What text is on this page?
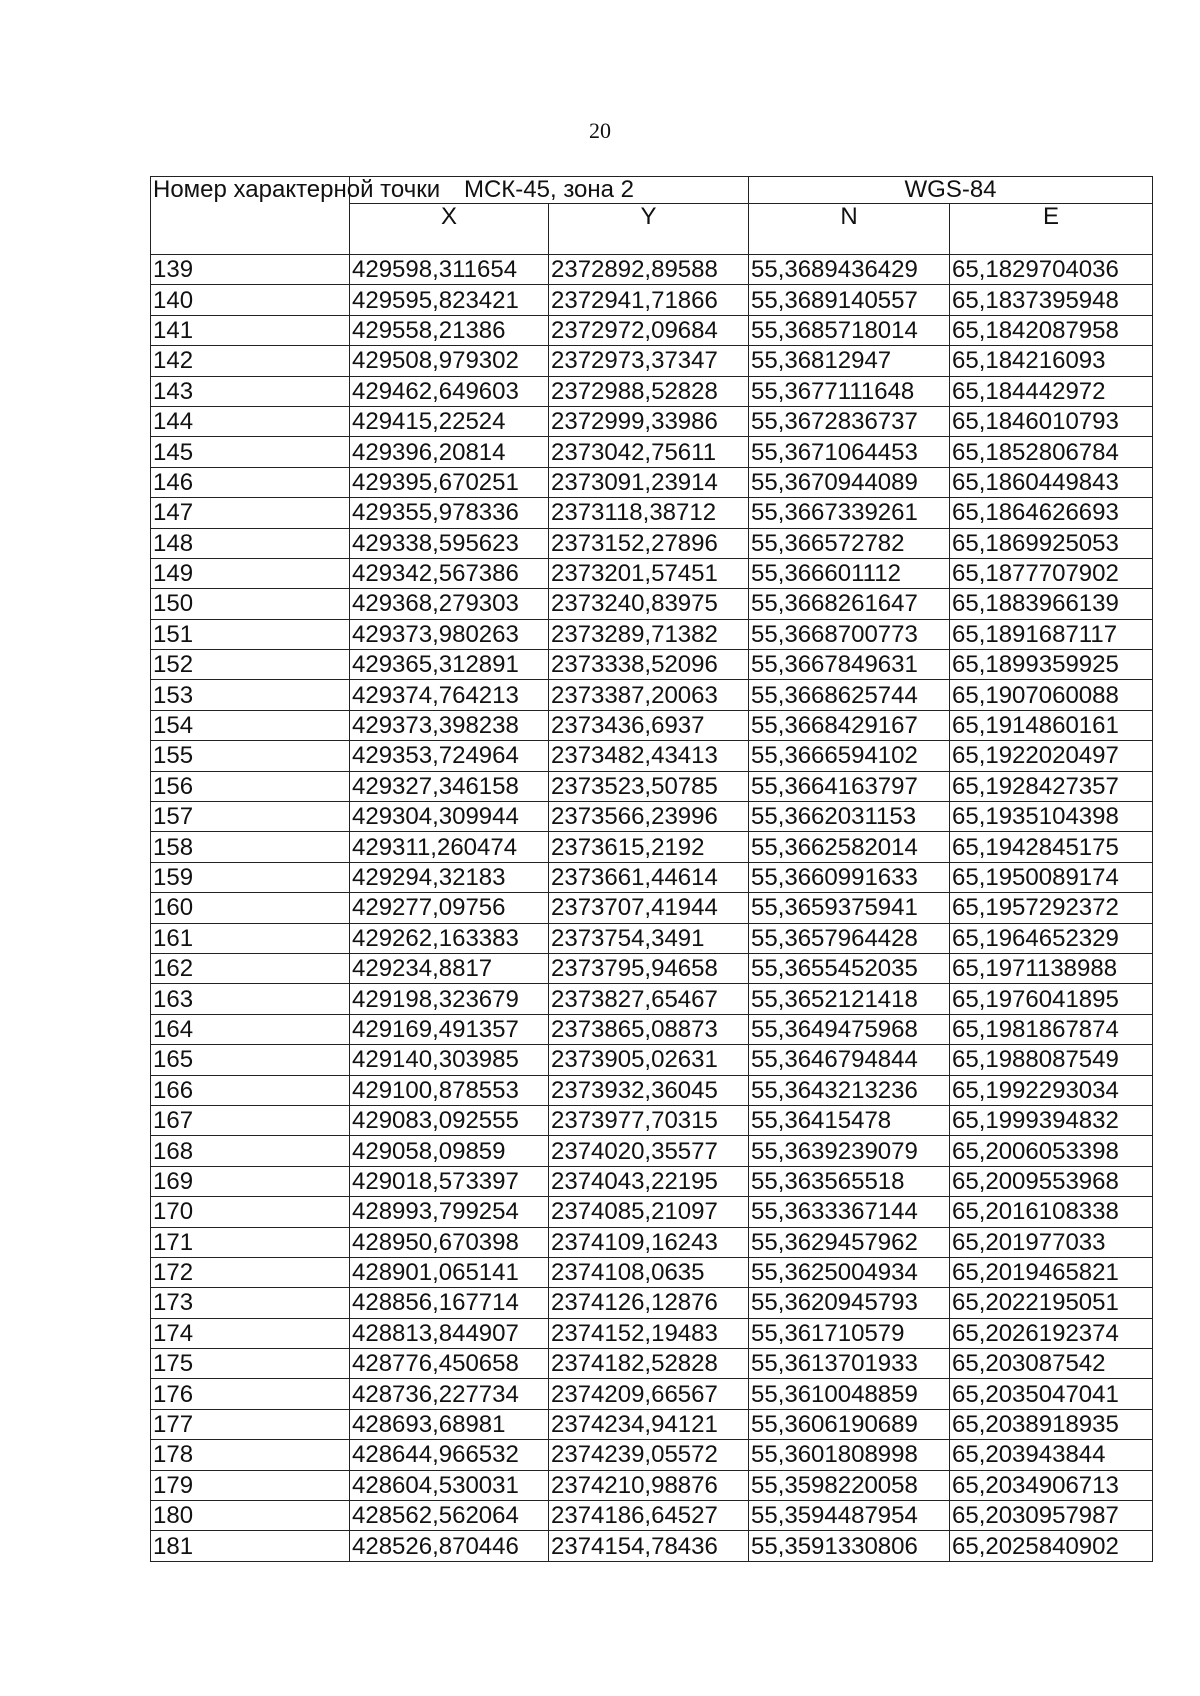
20
Номер характерной точки	МСК-45, зона 2		WGS-84	
	X	Y	N	E
139	429598,311654	2372892,89588	55,3689436429	65,1829704036
140	429595,823421	2372941,71866	55,3689140557	65,1837395948
141	429558,21386	2372972,09684	55,3685718014	65,1842087958
142	429508,979302	2372973,37347	55,36812947	65,184216093
143	429462,649603	2372988,52828	55,3677111648	65,184442972
144	429415,22524	2372999,33986	55,3672836737	65,1846010793
145	429396,20814	2373042,75611	55,3671064453	65,1852806784
146	429395,670251	2373091,23914	55,3670944089	65,1860449843
147	429355,978336	2373118,38712	55,3667339261	65,1864626693
148	429338,595623	2373152,27896	55,366572782	65,1869925053
149	429342,567386	2373201,57451	55,366601112	65,1877707902
150	429368,279303	2373240,83975	55,3668261647	65,1883966139
151	429373,980263	2373289,71382	55,3668700773	65,1891687117
152	429365,312891	2373338,52096	55,3667849631	65,1899359925
153	429374,764213	2373387,20063	55,3668625744	65,1907060088
154	429373,398238	2373436,6937	55,3668429167	65,1914860161
155	429353,724964	2373482,43413	55,3666594102	65,1922020497
156	429327,346158	2373523,50785	55,3664163797	65,1928427357
157	429304,309944	2373566,23996	55,3662031153	65,1935104398
158	429311,260474	2373615,2192	55,3662582014	65,1942845175
159	429294,32183	2373661,44614	55,3660991633	65,1950089174
160	429277,09756	2373707,41944	55,3659375941	65,1957292372
161	429262,163383	2373754,3491	55,3657964428	65,1964652329
162	429234,8817	2373795,94658	55,3655452035	65,1971138988
163	429198,323679	2373827,65467	55,3652121418	65,1976041895
164	429169,491357	2373865,08873	55,3649475968	65,1981867874
165	429140,303985	2373905,02631	55,3646794844	65,1988087549
166	429100,878553	2373932,36045	55,3643213236	65,1992293034
167	429083,092555	2373977,70315	55,36415478	65,1999394832
168	429058,09859	2374020,35577	55,3639239079	65,2006053398
169	429018,573397	2374043,22195	55,363565518	65,2009553968
170	428993,799254	2374085,21097	55,3633367144	65,2016108338
171	428950,670398	2374109,16243	55,3629457962	65,201977033
172	428901,065141	2374108,0635	55,3625004934	65,2019465821
173	428856,167714	2374126,12876	55,3620945793	65,2022195051
174	428813,844907	2374152,19483	55,361710579	65,2026192374
175	428776,450658	2374182,52828	55,3613701933	65,203087542
176	428736,227734	2374209,66567	55,3610048859	65,2035047041
177	428693,68981	2374234,94121	55,3606190689	65,2038918935
178	428644,966532	2374239,05572	55,3601808998	65,203943844
179	428604,530031	2374210,98876	55,3598220058	65,2034906713
180	428562,562064	2374186,64527	55,3594487954	65,2030957987
181	428526,870446	2374154,78436	55,3591330806	65,2025840902
